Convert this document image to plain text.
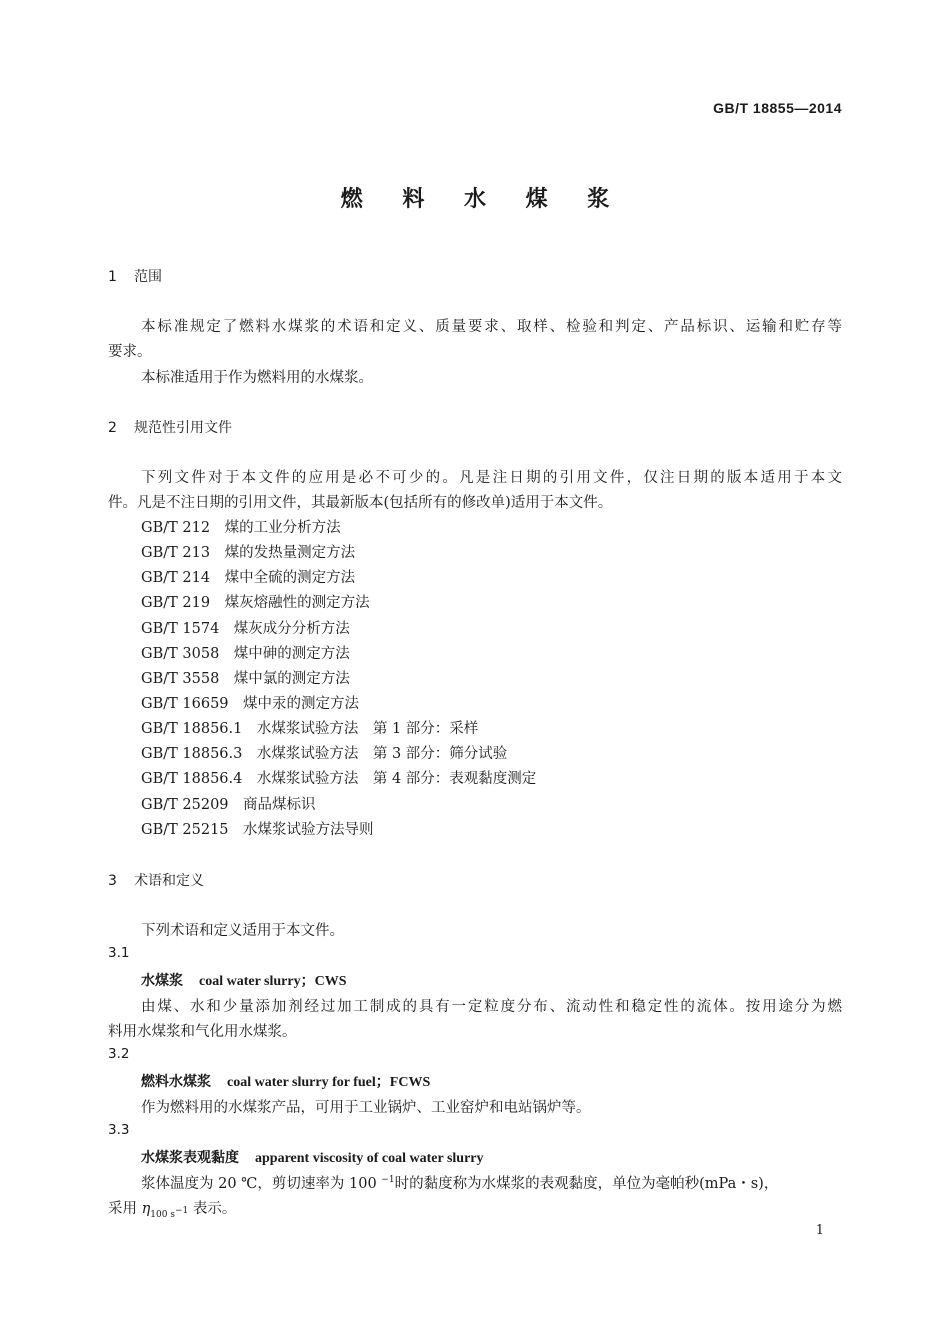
GB/T 18855—2014
燃 料 水 煤 浆
1 范围
本标准规定了燃料水煤浆的术语和定义、质量要求、取样、检验和判定、产品标识、运输和贮存等
要求。
本标准适用于作为燃料用的水煤浆。
2 规范性引用文件
下列文件对于本文件的应用是必不可少的。凡是注日期的引用文件，仅注日期的版本适用于本文
件。凡是不注日期的引用文件，其最新版本(包括所有的修改单)适用于本文件。
GB/T 212　煤的工业分析方法
GB/T 213　煤的发热量测定方法
GB/T 214　煤中全硫的测定方法
GB/T 219　煤灰熔融性的测定方法
GB/T 1574　煤灰成分分析方法
GB/T 3058　煤中砷的测定方法
GB/T 3558　煤中氯的测定方法
GB/T 16659　煤中汞的测定方法
GB/T 18856.1　水煤浆试验方法　第 1 部分：采样
GB/T 18856.3　水煤浆试验方法　第 3 部分：筛分试验
GB/T 18856.4　水煤浆试验方法　第 4 部分：表观黏度测定
GB/T 25209　商品煤标识
GB/T 25215　水煤浆试验方法导则
3 术语和定义
下列术语和定义适用于本文件。
3.1
水煤浆 coal water slurry；CWS
由煤、水和少量添加剂经过加工制成的具有一定粒度分布、流动性和稳定性的流体。按用途分为燃
料用水煤浆和气化用水煤浆。
3.2
燃料水煤浆 coal water slurry for fuel；FCWS
作为燃料用的水煤浆产品，可用于工业锅炉、工业窑炉和电站锅炉等。
3.3
水煤浆表观黏度 apparent viscosity of coal water slurry
浆体温度为 20 ℃，剪切速率为 100 $^{-1}$时的黏度称为水煤浆的表观黏度，单位为毫帕秒(mPa・s)，
采用 $\eta_{100 s^{-1}}$ 表示。
1
